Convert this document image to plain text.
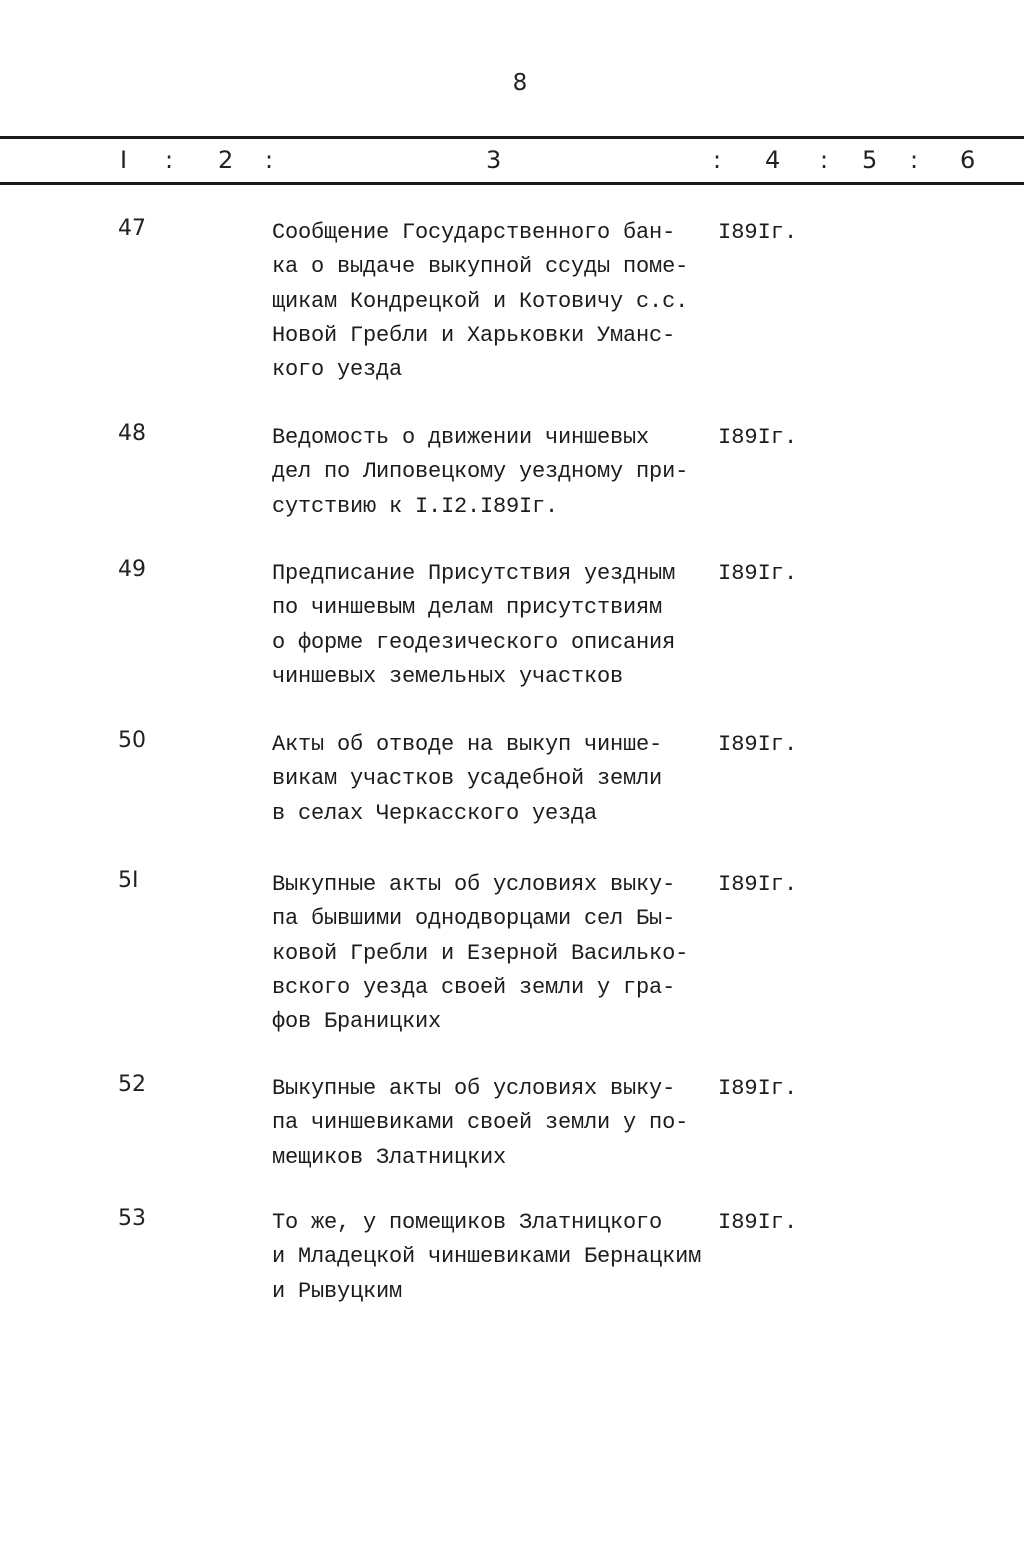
8
I : 2 :	3	: 4 : 5 : 6
47	Сообщение Государственного бан-
ка о выдаче выкупной ссуды поме-
щикам Кондрецкой и Котовичу с.с.
Новой Гребли и Харьковки Уманс-
кого уезда
I89Iг.
48	Ведомость о движении чиншевых
дел по Липовецкому уездному при-
сутствию к I.I2.I89Iг.
I89Iг.
49	Предписание Присутствия уездным
по чиншевым делам присутствиям
о форме геодезического описания
чиншевых земельных участков
I89Iг.
50	Акты об отводе на выкуп чинше-
викам участков усадебной земли
в селах Черкасского уезда
I89Iг.
5I	Выкупные акты об условиях выку-
па бывшими однодворцами сел Бы-
ковой Гребли и Езерной Василько-
вского уезда своей земли у гра-
фов Браницких
I89Iг.
52	Выкупные акты об условиях выку-
па чиншевиками своей земли у по-
мещиков Златницких
I89Iг.
53	То же, у помещиков Златницкого
и Младецкой чиншевиками Бернацким
и Рывуцким
I89Iг.
